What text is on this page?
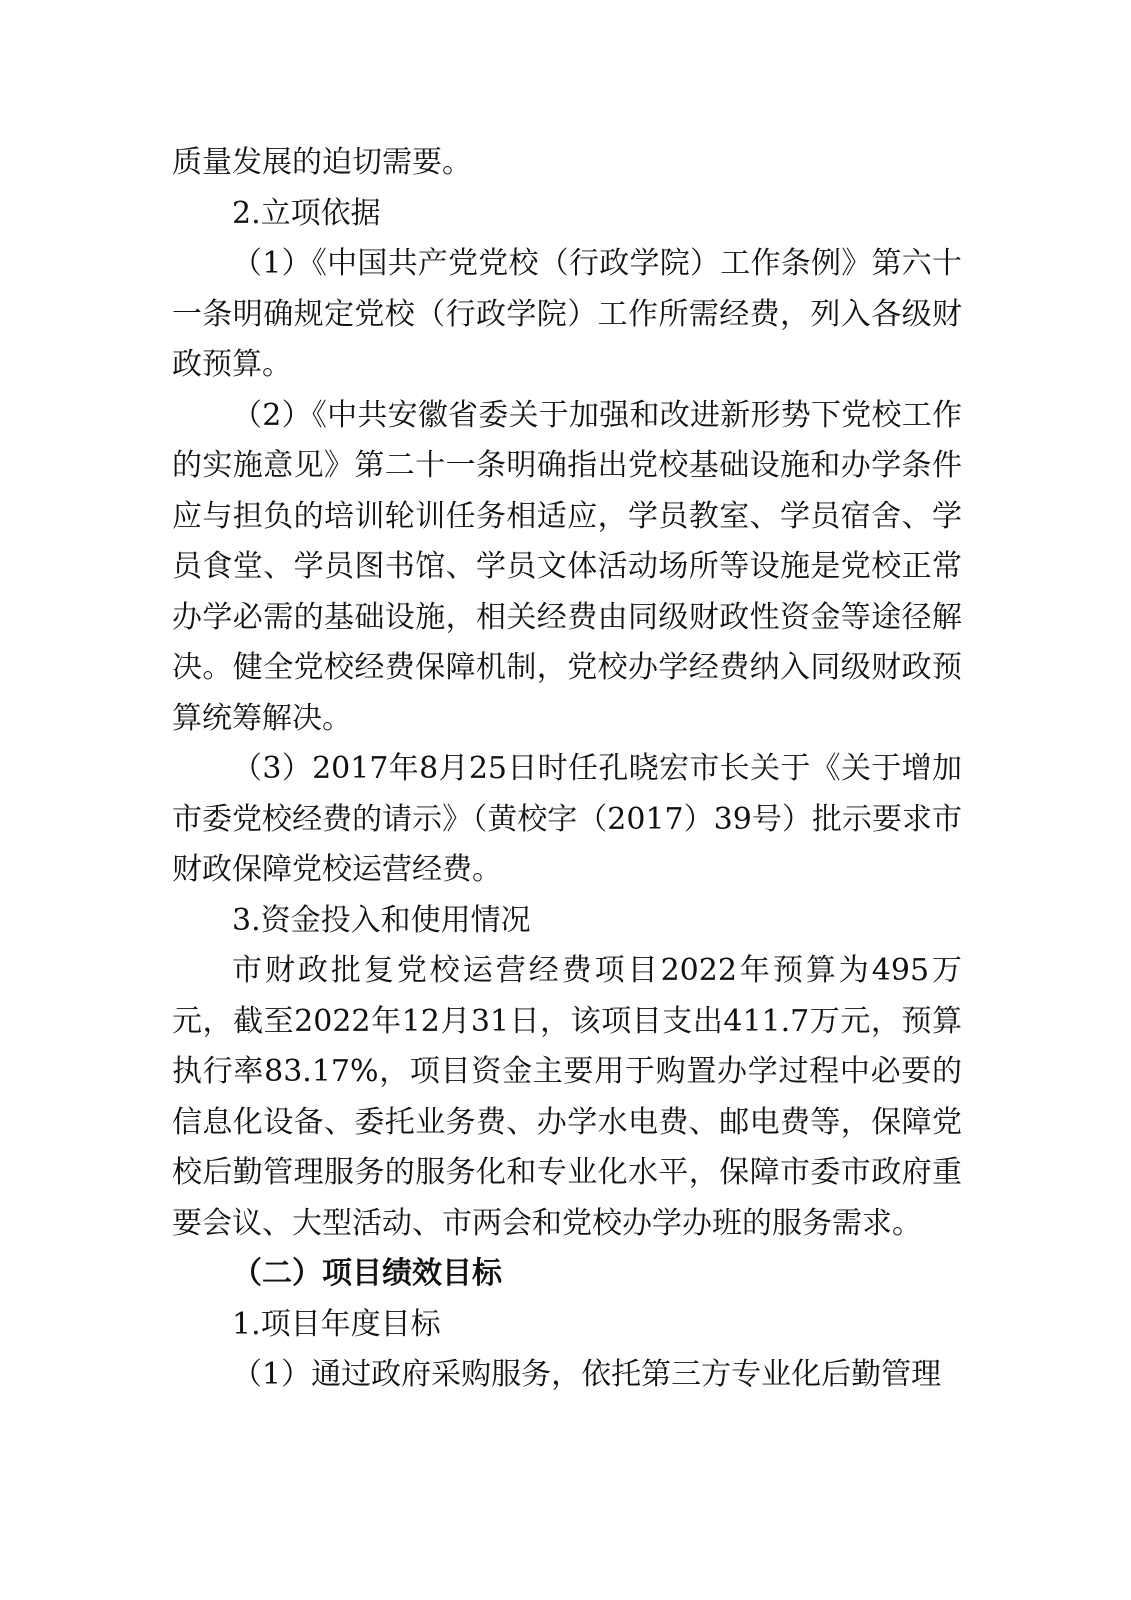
质量发展的迫切需要。

2.立项依据

（1）《中国共产党党校（行政学院）工作条例》第六十一条明确规定党校（行政学院）工作所需经费，列入各级财政预算。

（2）《中共安徽省委关于加强和改进新形势下党校工作的实施意见》第二十一条明确指出党校基础设施和办学条件应与担负的培训轮训任务相适应，学员教室、学员宿舍、学员食堂、学员图书馆、学员文体活动场所等设施是党校正常办学必需的基础设施，相关经费由同级财政性资金等途径解决。健全党校经费保障机制，党校办学经费纳入同级财政预算统筹解决。

（3）2017年8月25日时任孔晓宏市长关于《关于增加市委党校经费的请示》（黄校字（2017）39号）批示要求市财政保障党校运营经费。

3.资金投入和使用情况

市财政批复党校运营经费项目2022年预算为495万元，截至2022年12月31日，该项目支出411.7万元，预算执行率83.17%，项目资金主要用于购置办学过程中必要的信息化设备、委托业务费、办学水电费、邮电费等，保障党校后勤管理服务的服务化和专业化水平，保障市委市政府重要会议、大型活动、市两会和党校办学办班的服务需求。

（二）项目绩效目标

1.项目年度目标

（1）通过政府采购服务，依托第三方专业化后勤管理
